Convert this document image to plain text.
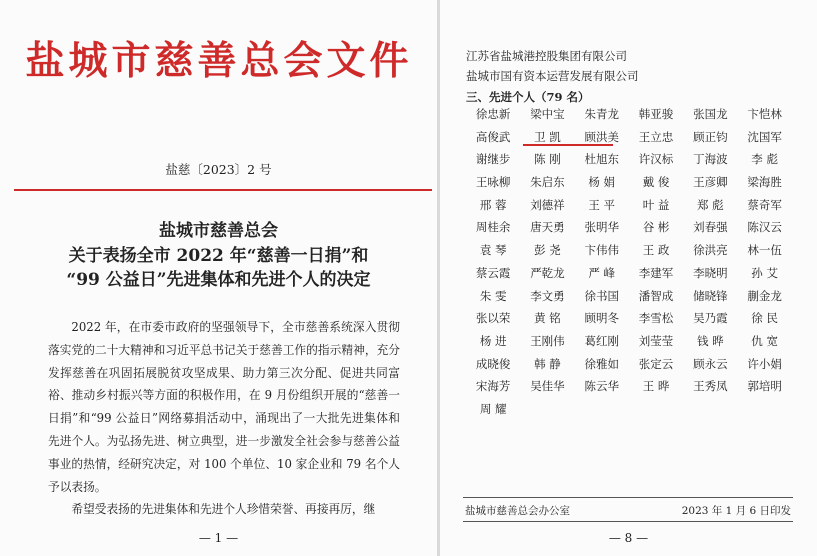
盐城市慈善总会文件
盐慈〔2023〕2 号
盐城市慈善总会
关于表扬全市 2022 年“慈善一日捐”和
“99 公益日”先进集体和先进个人的决定

2022 年，在市委市政府的坚强领导下，全市慈善系统深入贯彻落实党的二十大精神和习近平总书记关于慈善工作的指示精神，充分发挥慈善在巩固拓展脱贫攻坚成果、助力第三次分配、促进共同富裕、推动乡村振兴等方面的积极作用，在 9 月份组织开展的“慈善一日捐”和“99 公益日”网络募捐活动中，涌现出了一大批先进集体和先进个人。为弘扬先进、树立典型，进一步激发全社会参与慈善公益事业的热情，经研究决定，对 100 个单位、10 家企业和 79 名个人予以表扬。

希望受表扬的先进集体和先进个人珍惜荣誉、再接再厉，继

— 1 —
江苏省盐城港控股集团有限公司
盐城市国有资本运营发展有限公司
三、先进个人（79 名）
徐忠新	梁中宝	朱青龙	韩亚骏	张国龙	卞恺林
高俊武	卫 凯	顾洪美	王立忠	顾正钧	沈国军
谢继步	陈 刚	杜旭东	许汉标	丁海波	李 彪
王咏柳	朱启东	杨 娟	戴 俊	王彦卿	梁海胜
邢 蓉	刘德祥	王 平	叶 益	郑 彪	蔡奇军
周桂余	唐天勇	张明华	谷 彬	刘春强	陈汉云
袁 琴	彭 尧	卞伟伟	王 政	徐洪亮	林一伍
蔡云霞	严乾龙	严 峰	李建军	李晓明	孙 艾
朱 雯	李文勇	徐书国	潘智成	储晓锋	蒯金龙
张以荣	黄 铭	顾明冬	李雪松	吴乃霞	徐 民
杨 进	王刚伟	葛红刚	刘莹莹	钱 晔	仇 宽
成晓俊	韩 静	徐雅如	张定云	顾永云	许小娟
宋海芳	吴佳华	陈云华	王 晔	王秀凤	郭培明
周 耀
盐城市慈善总会办公室	2023 年 1 月 6 日印发
— 8 —
